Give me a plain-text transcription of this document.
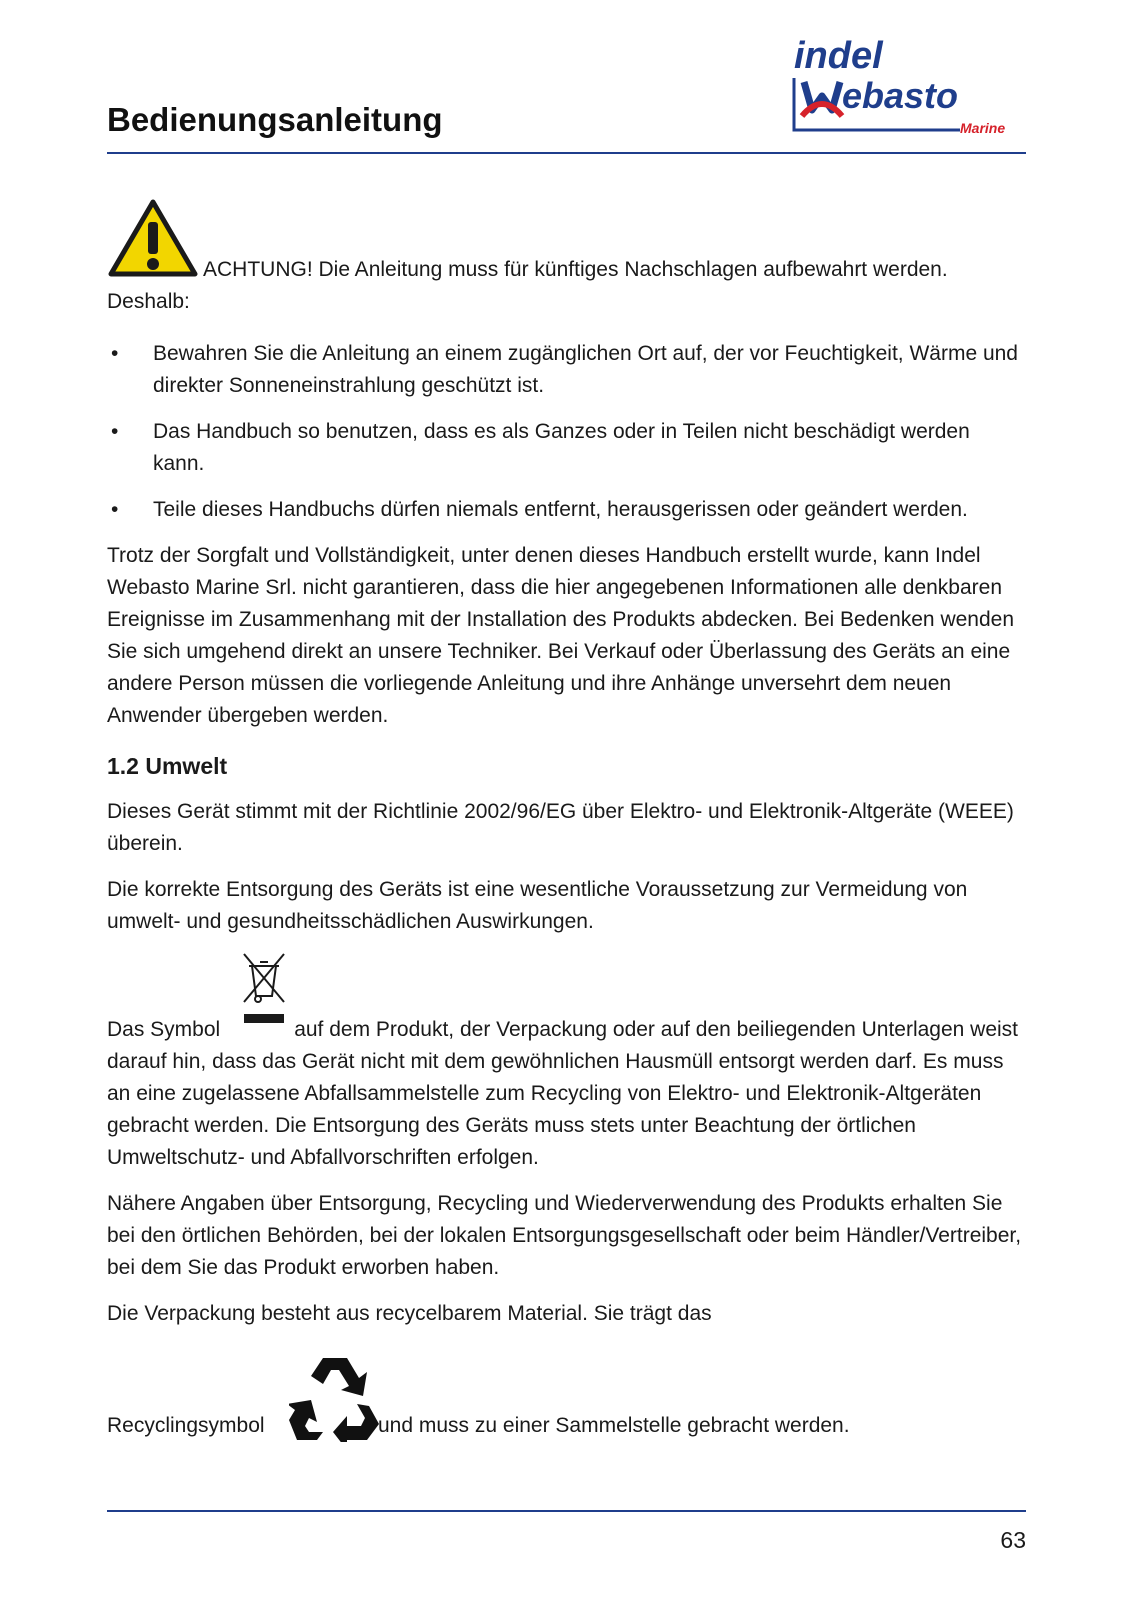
Bedienungsanleitung
indel
ebasto
Marine
ACHTUNG! Die Anleitung muss für künftiges Nachschlagen aufbewahrt werden.
Deshalb:
• Bewahren Sie die Anleitung an einem zugänglichen Ort auf, der vor Feuchtigkeit, Wärme und direkter Sonneneinstrahlung geschützt ist.
• Das Handbuch so benutzen, dass es als Ganzes oder in Teilen nicht beschädigt werden kann.
• Teile dieses Handbuchs dürfen niemals entfernt, herausgerissen oder geändert werden.

Trotz der Sorgfalt und Vollständigkeit, unter denen dieses Handbuch erstellt wurde, kann Indel Webasto Marine Srl. nicht garantieren, dass die hier angegebenen Informationen alle denkbaren Ereignisse im Zusammenhang mit der Installation des Produkts abdecken. Bei Bedenken wenden Sie sich umgehend direkt an unsere Techniker. Bei Verkauf oder Überlassung des Geräts an eine andere Person müssen die vorliegende Anleitung und ihre Anhänge unversehrt dem neuen Anwender übergeben werden.

1.2 Umwelt

Dieses Gerät stimmt mit der Richtlinie 2002/96/EG über Elektro- und Elektronik-Altgeräte (WEEE) überein.

Die korrekte Entsorgung des Geräts ist eine wesentliche Voraussetzung zur Vermeidung von umwelt- und gesundheitsschädlichen Auswirkungen.

Das Symbol	auf dem Produkt, der Verpackung oder auf den beiliegenden Unterlagen weist darauf hin, dass das Gerät nicht mit dem gewöhnlichen Hausmüll entsorgt werden darf. Es muss an eine zugelassene Abfallsammelstelle zum Recycling von Elektro- und Elektronik-Altgeräten gebracht werden. Die Entsorgung des Geräts muss stets unter Beachtung der örtlichen Umweltschutz- und Abfallvorschriften erfolgen.

Nähere Angaben über Entsorgung, Recycling und Wiederverwendung des Produkts erhalten Sie bei den örtlichen Behörden, bei der lokalen Entsorgungsgesellschaft oder beim Händler/Vertreiber, bei dem Sie das Produkt erworben haben.

Die Verpackung besteht aus recycelbarem Material. Sie trägt das

Recyclingsymbol	und muss zu einer Sammelstelle gebracht werden.
63
